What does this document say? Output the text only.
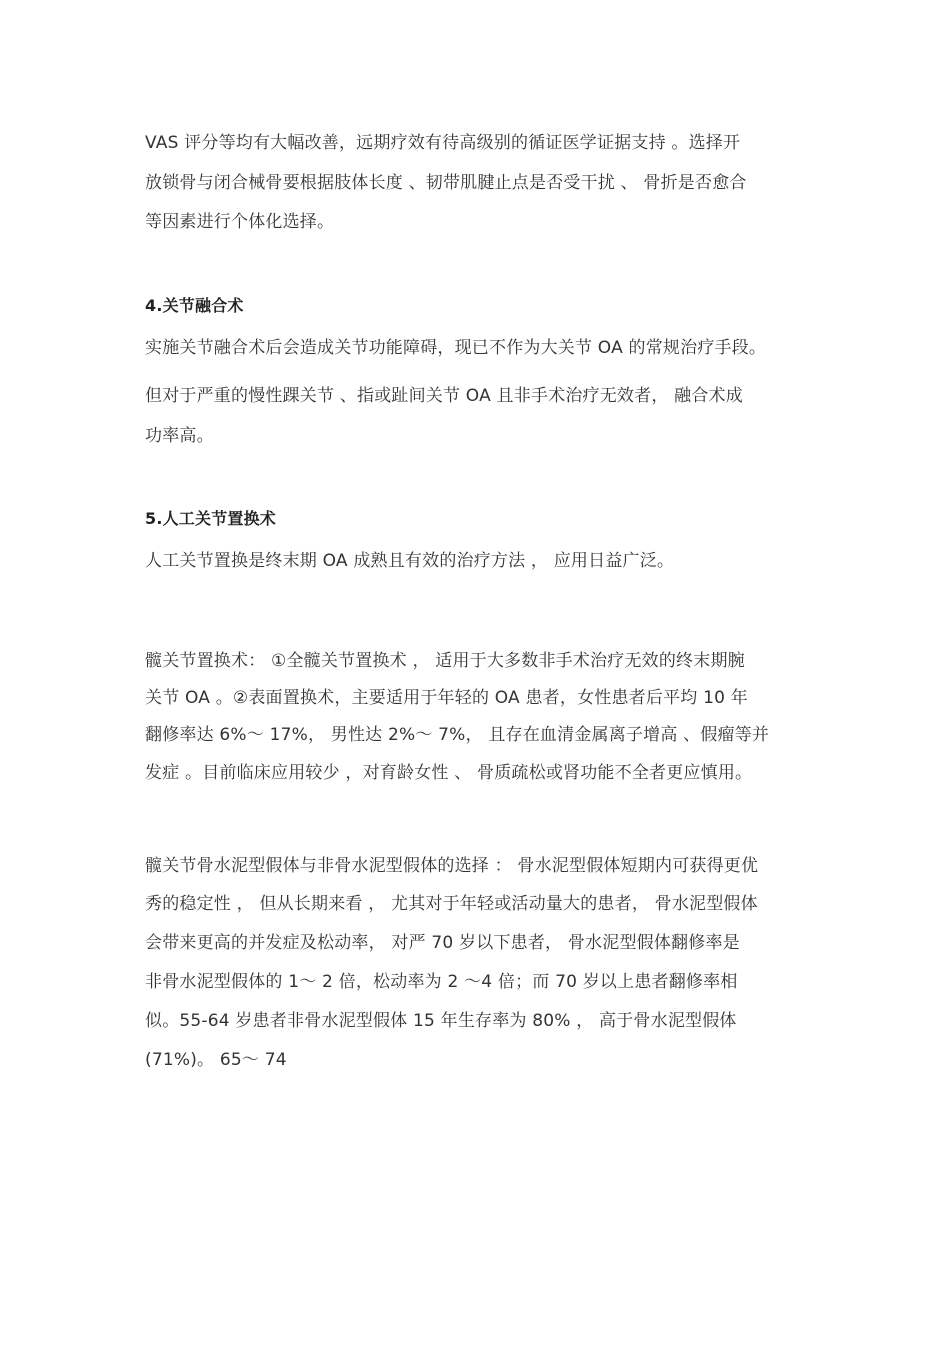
VAS 评分等均有大幅改善，远期疗效有待高级别的循证医学证据支持 。选择开
放锁骨与闭合械骨要根据肢体长度 、韧带肌腱止点是否受干扰 、 骨折是否愈合
等因素进行个体化选择。
4.关节融合术
实施关节融合术后会造成关节功能障碍，现已不作为大关节 OA 的常规治疗手段。
但对于严重的慢性踝关节 、指或趾间关节 OA 且非手术治疗无效者， 融合术成
功率高。
5.人工关节置换术
人工关节置换是终末期 OA 成熟且有效的治疗方法 ， 应用日益广泛。
髋关节置换术： ①全髋关节置换术 ， 适用于大多数非手术治疗无效的终末期腕
关节 OA 。②表面置换术，主要适用于年轻的 OA 患者，女性患者后平均 10 年
翻修率达 6%～ 17%， 男性达 2%～ 7%， 且存在血清金属离子增高 、假瘤等并
发症 。目前临床应用较少 ，对育龄女性 、 骨质疏松或肾功能不全者更应慎用。
髋关节骨水泥型假体与非骨水泥型假体的选择 ： 骨水泥型假体短期内可获得更优
秀的稳定性 ， 但从长期来看 ， 尤其对于年轻或活动量大的患者， 骨水泥型假体
会带来更高的并发症及松动率， 对严 70 岁以下患者， 骨水泥型假体翻修率是
非骨水泥型假体的 1～ 2 倍，松动率为 2 ～4 倍；而 70 岁以上患者翻修率相
似。55-64 岁患者非骨水泥型假体 15 年生存率为 80% ， 高于骨水泥型假体
(71%)。 65～ 74
